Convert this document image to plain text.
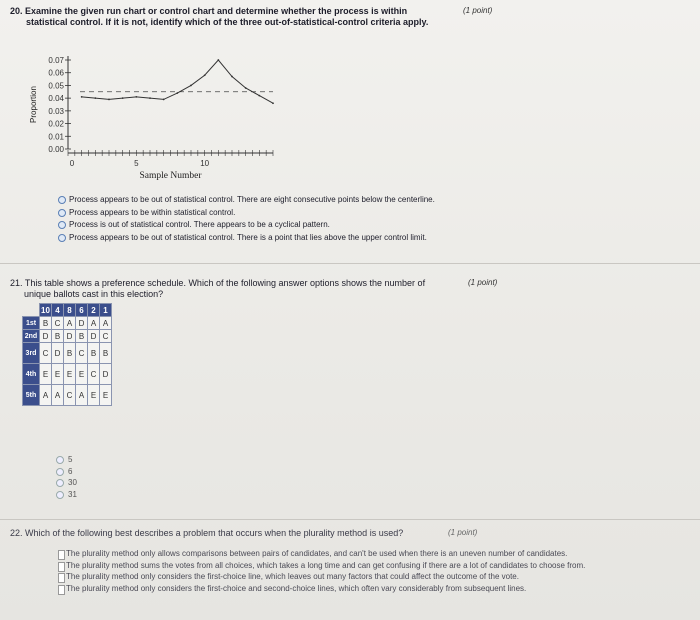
20. Examine the given run chart or control chart and determine whether the process is within
statistical control. If it is not, identify which of the three out-of-statistical-control criteria apply.
(1 point)
0.07
0.06
0.05
0.04
0.03
0.02
0.01
0.00
0	5	10
Sample Number
Proportion
Process appears to be out of statistical control. There are eight consecutive points below the centerline.
Process appears to be within statistical control.
Process is out of statistical control. There appears to be a cyclical pattern.
Process appears to be out of statistical control. There is a point that lies above the upper control limit.
21. This table shows a preference schedule. Which of the following answer options shows the number of
unique ballots cast in this election?
(1 point)
	10	4	8	6	2	1
1st	B	C	A	D	A	A
2nd	D	B	D	B	D	C
3rd	C	D	B	C	B	B
4th	E	E	E	E	C	D
5th	A	A	C	A	E	E
5
6
30
31
22. Which of the following best describes a problem that occurs when the plurality method is used?	(1 point)
The plurality method only allows comparisons between pairs of candidates, and can't be used when there is an uneven number of candidates.
The plurality method sums the votes from all choices, which takes a long time and can get confusing if there are a lot of candidates to choose from.
The plurality method only considers the first-choice line, which leaves out many factors that could affect the outcome of the vote.
The plurality method only considers the first-choice and second-choice lines, which often vary considerably from subsequent lines.
